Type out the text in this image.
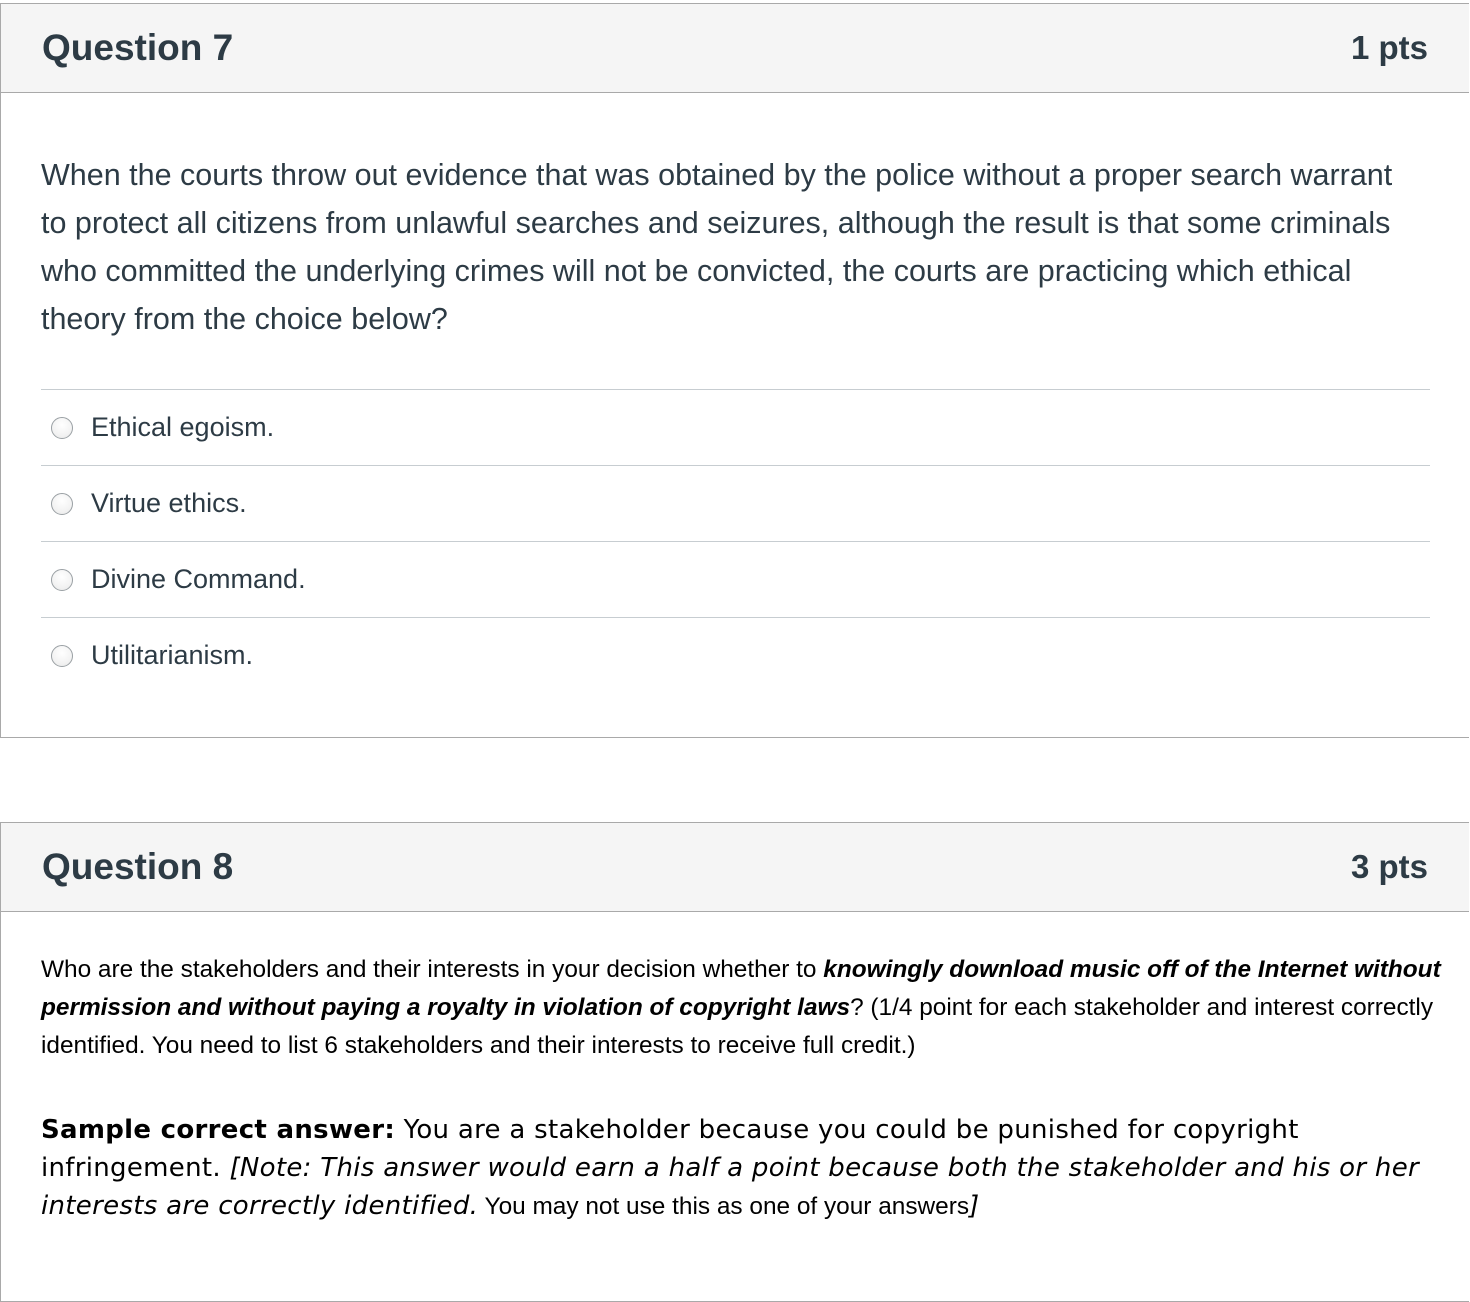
Question 7	1 pts
When the courts throw out evidence that was obtained by the police without a proper search warrant to protect all citizens from unlawful searches and seizures, although the result is that some criminals who committed the underlying crimes will not be convicted, the courts are practicing which ethical theory from the choice below?
Ethical egoism.
Virtue ethics.
Divine Command.
Utilitarianism.
Question 8	3 pts

Who are the stakeholders and their interests in your decision whether to knowingly download music off of the Internet without permission and without paying a royalty in violation of copyright laws? (1/4 point for each stakeholder and interest correctly identified. You need to list 6 stakeholders and their interests to receive full credit.)

Sample correct answer: You are a stakeholder because you could be punished for copyright infringement. [Note: This answer would earn a half a point because both the stakeholder and his or her interests are correctly identified. You may not use this as one of your answers]
